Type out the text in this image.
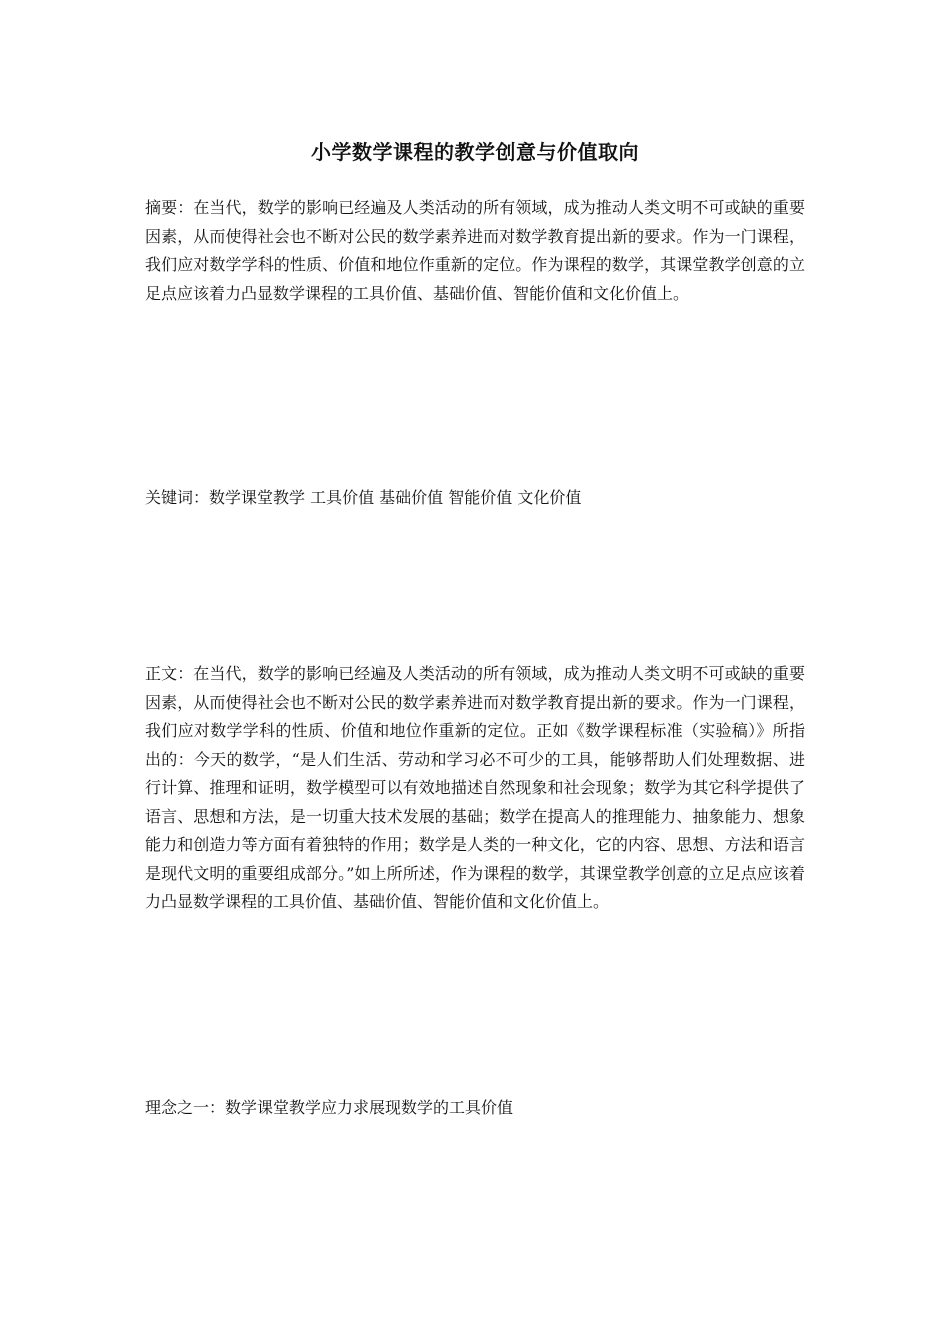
小学数学课程的教学创意与价值取向

摘要：在当代，数学的影响已经遍及人类活动的所有领域，成为推动人类文明不可或缺的重要因素，从而使得社会也不断对公民的数学素养进而对数学教育提出新的要求。作为一门课程，我们应对数学学科的性质、价值和地位作重新的定位。作为课程的数学，其课堂教学创意的立足点应该着力凸显数学课程的工具价值、基础价值、智能价值和文化价值上。

关键词：数学课堂教学 工具价值 基础价值 智能价值 文化价值

正文：在当代，数学的影响已经遍及人类活动的所有领域，成为推动人类文明不可或缺的重要因素，从而使得社会也不断对公民的数学素养进而对数学教育提出新的要求。作为一门课程，我们应对数学学科的性质、价值和地位作重新的定位。正如《数学课程标准（实验稿）》所指出的：今天的数学，“是人们生活、劳动和学习必不可少的工具，能够帮助人们处理数据、进行计算、推理和证明，数学模型可以有效地描述自然现象和社会现象；数学为其它科学提供了语言、思想和方法，是一切重大技术发展的基础；数学在提高人的推理能力、抽象能力、想象能力和创造力等方面有着独特的作用；数学是人类的一种文化，它的内容、思想、方法和语言是现代文明的重要组成部分。”如上所所述，作为课程的数学，其课堂教学创意的立足点应该着力凸显数学课程的工具价值、基础价值、智能价值和文化价值上。

理念之一：数学课堂教学应力求展现数学的工具价值
